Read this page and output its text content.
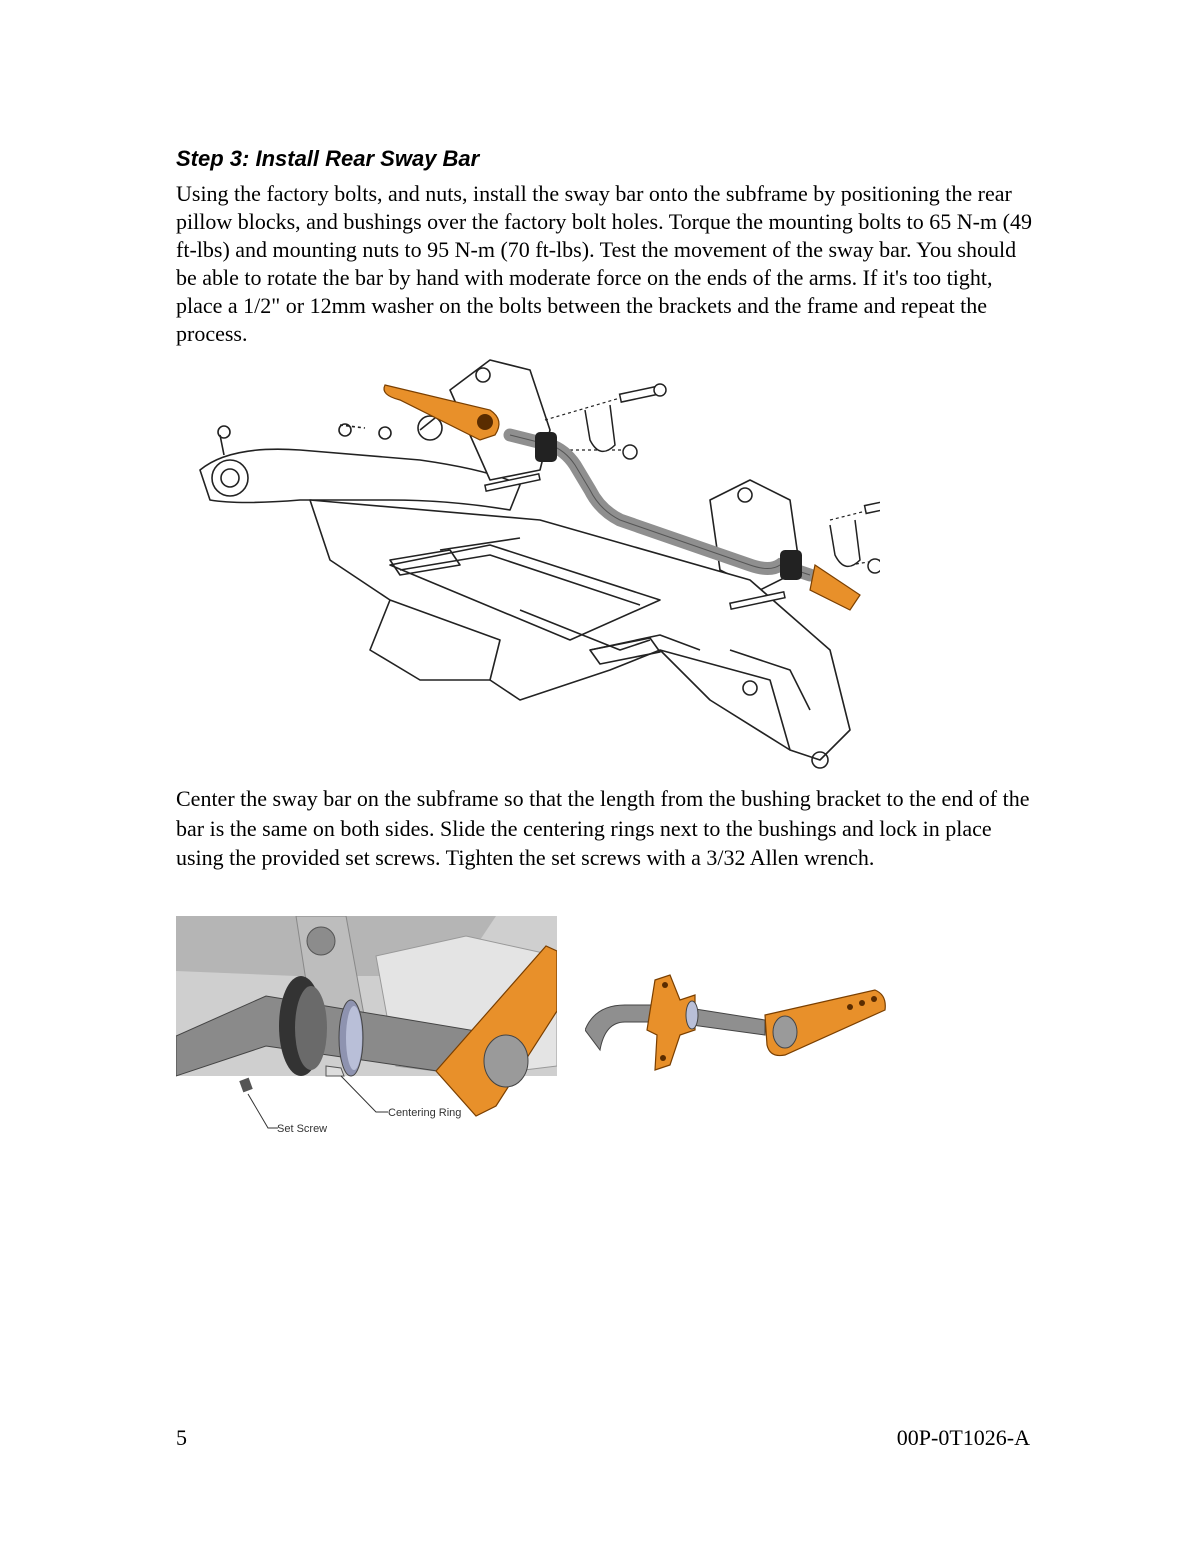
Step 3: Install Rear Sway Bar

Using the factory bolts, and nuts, install the sway bar onto the subframe by positioning the rear pillow blocks, and bushings over the factory bolt holes. Torque the mounting bolts to 65 N-m (49 ft-lbs) and mounting nuts to 95 N-m (70 ft-lbs). Test the movement of the sway bar. You should be able to rotate the bar by hand with moderate force on the ends of the arms. If it's too tight, place a 1/2" or 12mm washer on the bolts between the brackets and the frame and repeat the process.

Center the sway bar on the subframe so that the length from the bushing bracket to the end of the bar is the same on both sides. Slide the centering rings next to the bushings and lock in place using the provided set screws. Tighten the set screws with a 3/32 Allen wrench.

Set Screw
Centering Ring
5	00P-0T1026-A
